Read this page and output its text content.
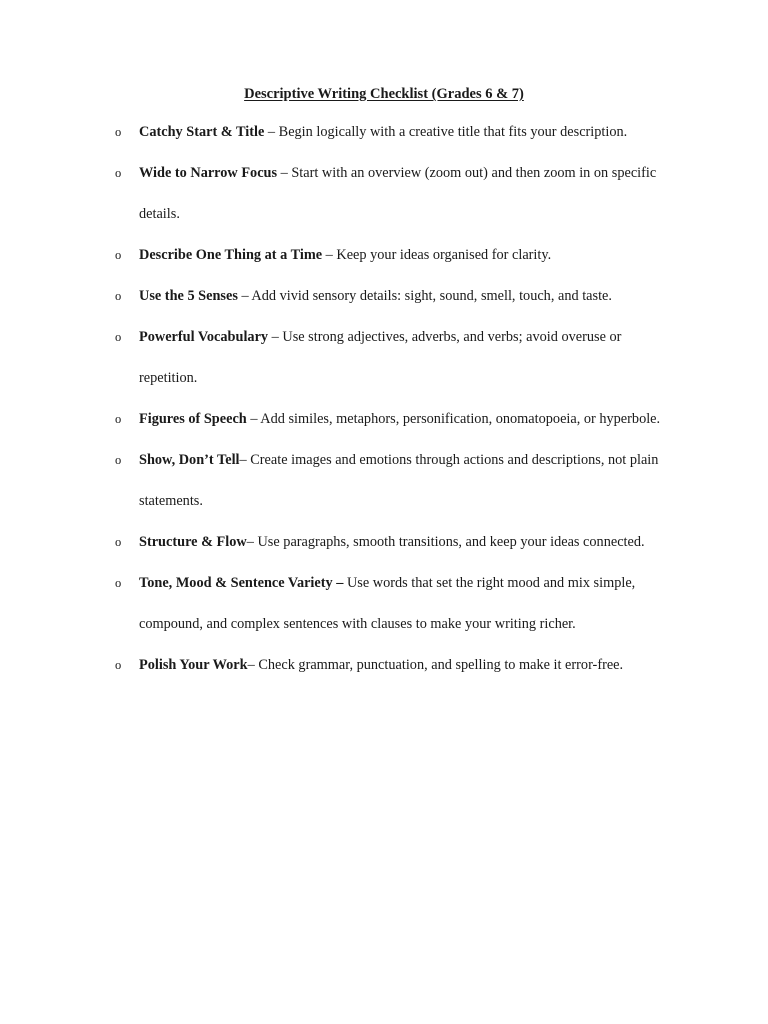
Descriptive Writing Checklist (Grades 6 & 7)
o Catchy Start & Title – Begin logically with a creative title that fits your description.
o Wide to Narrow Focus – Start with an overview (zoom out) and then zoom in on specific details.
o Describe One Thing at a Time – Keep your ideas organised for clarity.
o Use the 5 Senses – Add vivid sensory details: sight, sound, smell, touch, and taste.
o Powerful Vocabulary – Use strong adjectives, adverbs, and verbs; avoid overuse or repetition.
o Figures of Speech – Add similes, metaphors, personification, onomatopoeia, or hyperbole.
o Show, Don’t Tell– Create images and emotions through actions and descriptions, not plain statements.
o Structure & Flow– Use paragraphs, smooth transitions, and keep your ideas connected.
o Tone, Mood & Sentence Variety – Use words that set the right mood and mix simple, compound, and complex sentences with clauses to make your writing richer.
o Polish Your Work– Check grammar, punctuation, and spelling to make it error-free.
